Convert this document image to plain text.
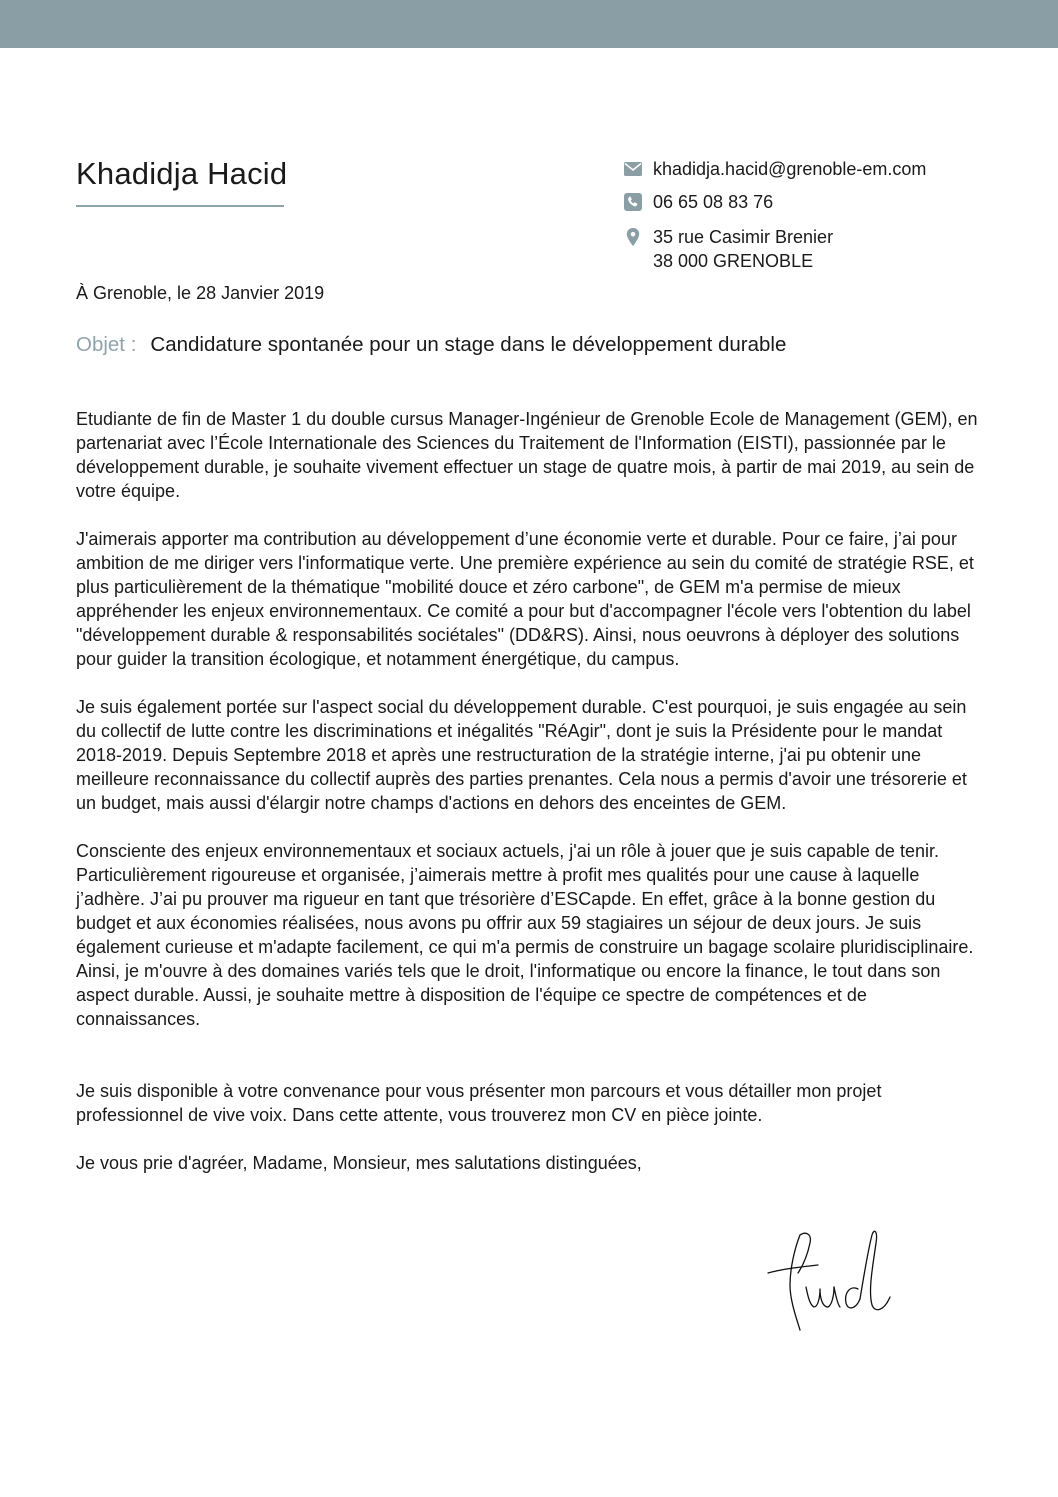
Khadidja Hacid	khadidja.hacid@grenoble-em.com
06 65 08 83 76
35 rue Casimir Brenier
38 000 GRENOBLE
À Grenoble, le 28 Janvier 2019
Objet : Candidature spontanée pour un stage dans le développement durable

Etudiante de fin de Master 1 du double cursus Manager-Ingénieur de Grenoble Ecole de Management (GEM), en partenariat avec l’École Internationale des Sciences du Traitement de l'Information (EISTI), passionnée par le développement durable, je souhaite vivement effectuer un stage de quatre mois, à partir de mai 2019, au sein de votre équipe.

J'aimerais apporter ma contribution au développement d’une économie verte et durable. Pour ce faire, j’ai pour ambition de me diriger vers l'informatique verte. Une première expérience au sein du comité de stratégie RSE, et plus particulièrement de la thématique "mobilité douce et zéro carbone", de GEM m'a permise de mieux appréhender les enjeux environnementaux. Ce comité a pour but d'accompagner l'école vers l'obtention du label "développement durable & responsabilités sociétales" (DD&RS). Ainsi, nous oeuvrons à déployer des solutions pour guider la transition écologique, et notamment énergétique, du campus.

Je suis également portée sur l'aspect social du développement durable. C'est pourquoi, je suis engagée au sein du collectif de lutte contre les discriminations et inégalités "RéAgir", dont je suis la Présidente pour le mandat 2018-2019. Depuis Septembre 2018 et après une restructuration de la stratégie interne, j'ai pu obtenir une meilleure reconnaissance du collectif auprès des parties prenantes. Cela nous a permis d'avoir une trésorerie et un budget, mais aussi d'élargir notre champs d'actions en dehors des enceintes de GEM.

Consciente des enjeux environnementaux et sociaux actuels, j'ai un rôle à jouer que je suis capable de tenir. Particulièrement rigoureuse et organisée, j’aimerais mettre à profit mes qualités pour une cause à laquelle j’adhère. J’ai pu prouver ma rigueur en tant que trésorière d’ESCapde. En effet, grâce à la bonne gestion du budget et aux économies réalisées, nous avons pu offrir aux 59 stagiaires un séjour de deux jours. Je suis également curieuse et m'adapte facilement, ce qui m'a permis de construire un bagage scolaire pluridisciplinaire. Ainsi, je m'ouvre à des domaines variés tels que le droit, l'informatique ou encore la finance, le tout dans son aspect durable. Aussi, je souhaite mettre à disposition de l'équipe ce spectre de compétences et de connaissances.

Je suis disponible à votre convenance pour vous présenter mon parcours et vous détailler mon projet professionnel de vive voix. Dans cette attente, vous trouverez mon CV en pièce jointe.

Je vous prie d'agréer, Madame, Monsieur, mes salutations distinguées,
